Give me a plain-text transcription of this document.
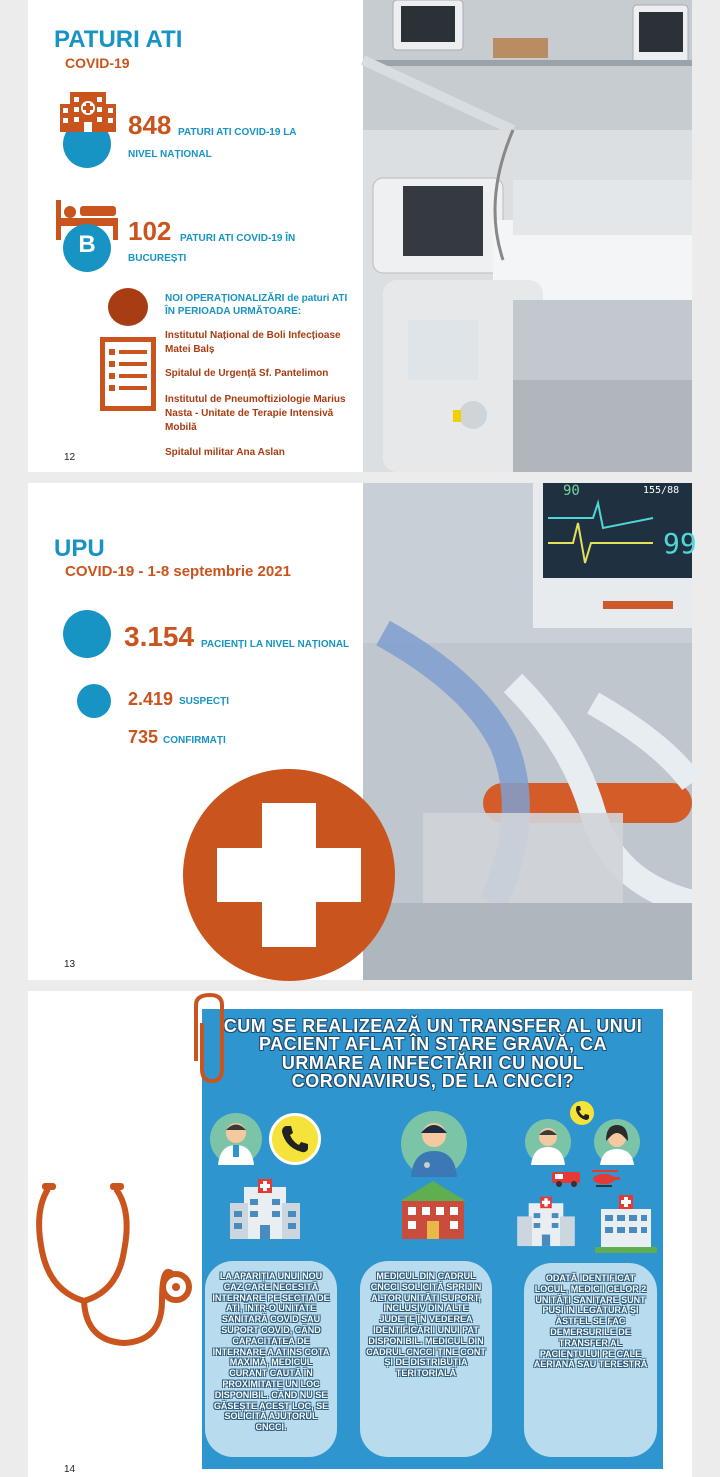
PATURI ATI
COVID-19
848 PATURI ATI COVID-19 LA
NIVEL NAȚIONAL
B	102 PATURI ATI COVID-19 ÎN
BUCUREȘTI
NOI OPERAȚIONALIZĂRI de paturi ATI
ÎN PERIOADA URMĂTOARE:
Institutul Național de Boli Infecțioase Matei Balș
Spitalul de Urgență Sf. Pantelimon
Institutul de Pneumoftiziologie Marius Nasta - Unitate de Terapie Intensivă Mobilă
Spitalul militar Ana Aslan
12
UPU
COVID-19 - 1-8 septembrie 2021
3.154 PACIENȚI LA NIVEL NAȚIONAL
2.419 SUSPECȚI
735 CONFIRMAȚI
90	155/88
99
13
CUM SE REALIZEAZĂ UN TRANSFER AL UNUI PACIENT AFLAT ÎN STARE GRAVĂ, CA URMARE A INFECTĂRII CU NOUL CORONAVIRUS, DE LA CNCCI?
LA APARIȚIA UNUI NOU CAZ CARE NECESITĂ INTERNARE PE SECȚIA DE ATI, ÎNTR-O UNITATE SANITARĂ COVID SAU SUPORT COVID, CÂND CAPACITATEA DE INTERNARE A ATINS COTA MAXIMĂ, MEDICUL CURANT CAUTĂ ÎN PROXIMITATE UN LOC DISPONIBIL. CÂND NU SE GĂSEȘTE ACEST LOC, SE SOLICITĂ AJUTORUL CNCCI.
MEDICUL DIN CADRUL CNCCI SOLICITĂ SPRIJIN ALTOR UNITĂȚI SUPORT, INCLUSIV DIN ALTE JUDEȚE,ÎN VEDEREA IDENTIFICĂRII UNUI PAT DISPONIBIL. MEDICUL DIN CADRUL CNCCI ȚINE CONT ȘI DE DISTRIBUȚIA TERITORIALĂ
ODATĂ IDENTIFICAT LOCUL, MEDICII CELOR 2 UNITĂȚI SANITARE SUNT PUȘI ÎN LEGĂTURĂ ȘI ASTFEL SE FAC DEMERSURILE DE TRANSFER AL PACIENTULUI PE CALE AERIANĂ SAU TERESTRĂ
14
